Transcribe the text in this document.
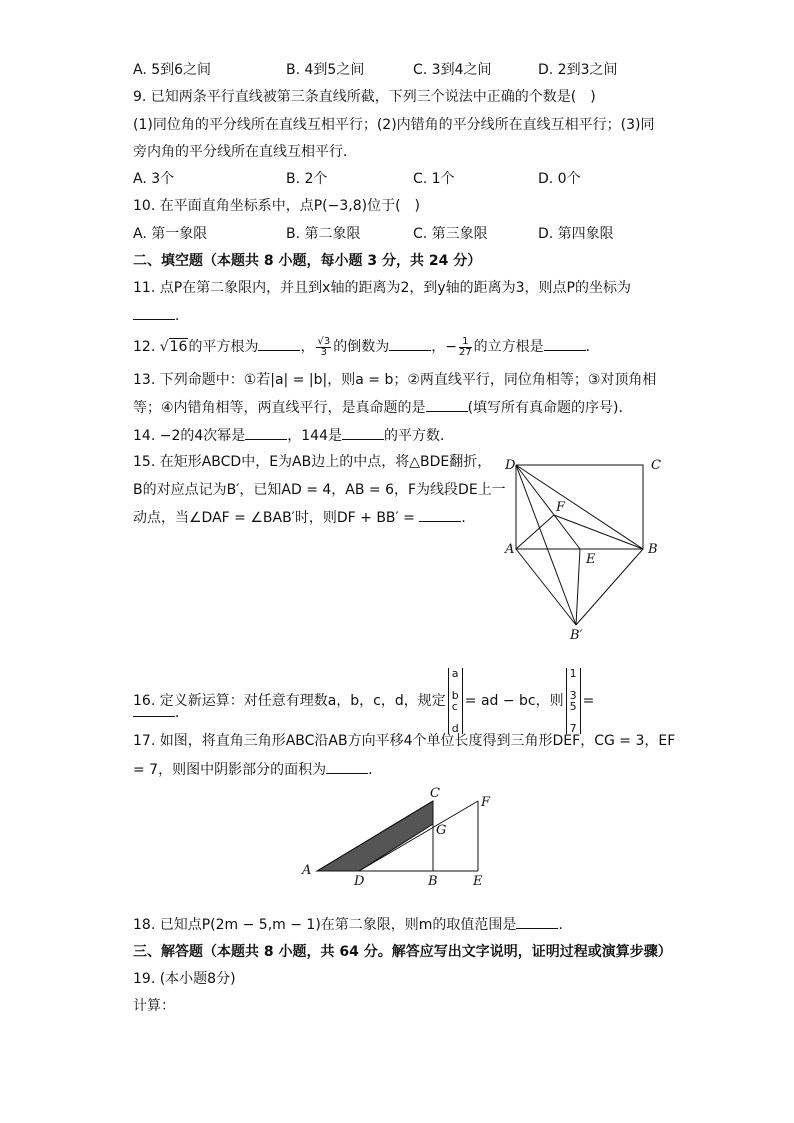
A. 5到6之间	B. 4到5之间	C. 3到4之间	D. 2到3之间
9. 已知两条平行直线被第三条直线所截，下列三个说法中正确的个数是(　)
(1)同位角的平分线所在直线互相平行；(2)内错角的平分线所在直线互相平行；(3)同
旁内角的平分线所在直线互相平行．
A. 3个	B. 2个	C. 1个	D. 0个
10. 在平面直角坐标系中，点P(−3,8)位于(　)
A. 第一象限	B. 第二象限	C. 第三象限	D. 第四象限
二、填空题（本题共 8 小题，每小题 3 分，共 24 分）
11. 点P在第二象限内，并且到x轴的距离为2，到y轴的距离为3，则点P的坐标为
．
12. √16的平方根为	， $\frac{√3}{3}$ 的倒数为	，− $\frac{1}{27}$ 的立方根是	．
13. 下列命题中：①若|a| = |b|，则a = b；②两直线平行，同位角相等；③对顶角相
等；④内错角相等，两直线平行，是真命题的是	(填写所有真命题的序号)．
14. −2的4次幂是	，144是	的平方数．
15. 在矩形ABCD中，E为AB边上的中点，将△BDE翻折，
B的对应点记为B′，已知AD = 4，AB = 6，F为线段DE上一
动点，当∠DAF = ∠BAB′时，则DF + BB′ =	．
D	C
F
A
E
B
B′
16. 定义新运算：对任意有理数a，b，c，d，规定
a

b
c

d
= ad − bc，则
1

3
5

7
=
．
17. 如图，将直角三角形ABC沿AB方向平移4个单位长度得到三角形DEF，CG = 3，EF
= 7，则图中阴影部分的面积为	．
A
D	B	E
C
F
G
18. 已知点P(2m − 5,m − 1)在第二象限，则m的取值范围是	．
三、解答题（本题共 8 小题，共 64 分。解答应写出文字说明，证明过程或演算步骤）
19. (本小题8分)
计算：
